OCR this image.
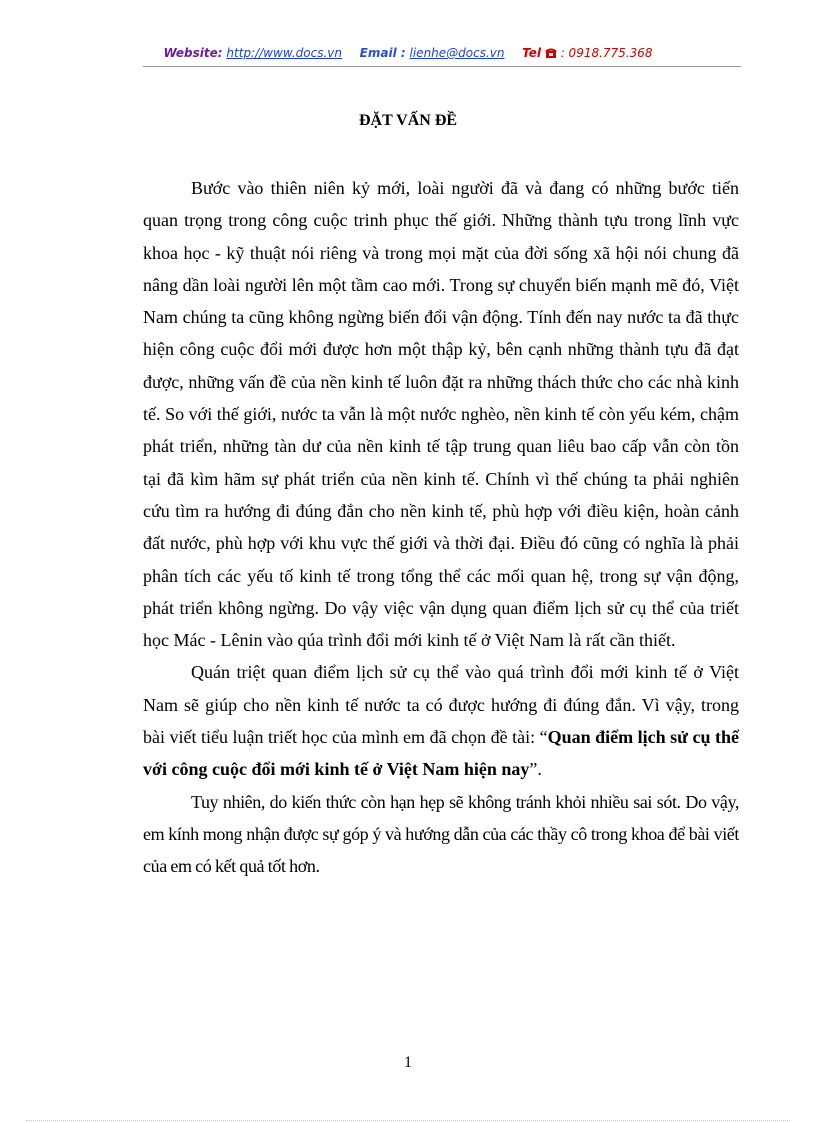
Website: http://www.docs.vn Email : lienhe@docs.vn Tel : 0918.775.368
ĐẶT VẤN ĐỀ

Bước vào thiên niên kỷ mới, loài người đã và đang có những bước tiến quan trọng trong công cuộc trinh phục thế giới. Những thành tựu trong lĩnh vực khoa học - kỹ thuật nói riêng và trong mọi mặt của đời sống xã hội nói chung đã nâng dần loài người lên một tầm cao mới. Trong sự chuyển biến mạnh mẽ đó, Việt Nam chúng ta cũng không ngừng biến đổi vận động. Tính đến nay nước ta đã thực hiện công cuộc đổi mới được hơn một thập kỷ, bên cạnh những thành tựu đã đạt được, những vấn đề của nền kinh tế luôn đặt ra những thách thức cho các nhà kinh tế. So với thế giới, nước ta vẫn là một nước nghèo, nền kinh tế còn yếu kém, chậm phát triển, những tàn dư của nền kinh tế tập trung quan liêu bao cấp vẫn còn tồn tại đã kìm hãm sự phát triển của nền kinh tế. Chính vì thế chúng ta phải nghiên cứu tìm ra hướng đi đúng đắn cho nền kinh tế, phù hợp với điều kiện, hoàn cảnh đất nước, phù hợp với khu vực thế giới và thời đại. Điều đó cũng có nghĩa là phải phân tích các yếu tố kinh tế trong tổng thể các mối quan hệ, trong sự vận động, phát triển không ngừng. Do vậy việc vận dụng quan điểm lịch sử cụ thể của triết học Mác - Lênin vào qúa trình đổi mới kinh tế ở Việt Nam là rất cần thiết.

Quán triệt quan điểm lịch sử cụ thể vào quá trình đổi mới kinh tế ở Việt Nam sẽ giúp cho nền kinh tế nước ta có được hướng đi đúng đắn. Vì vậy, trong bài viết tiểu luận triết học của mình em đã chọn đề tài: “Quan điểm lịch sử cụ thể với công cuộc đổi mới kinh tế ở Việt Nam hiện nay”.

Tuy nhiên, do kiến thức còn hạn hẹp sẽ không tránh khỏi nhiều sai sót. Do vậy, em kính mong nhận được sự góp ý và hướng dẫn của các thầy cô trong khoa để bài viết của em có kết quả tốt hơn.

1
